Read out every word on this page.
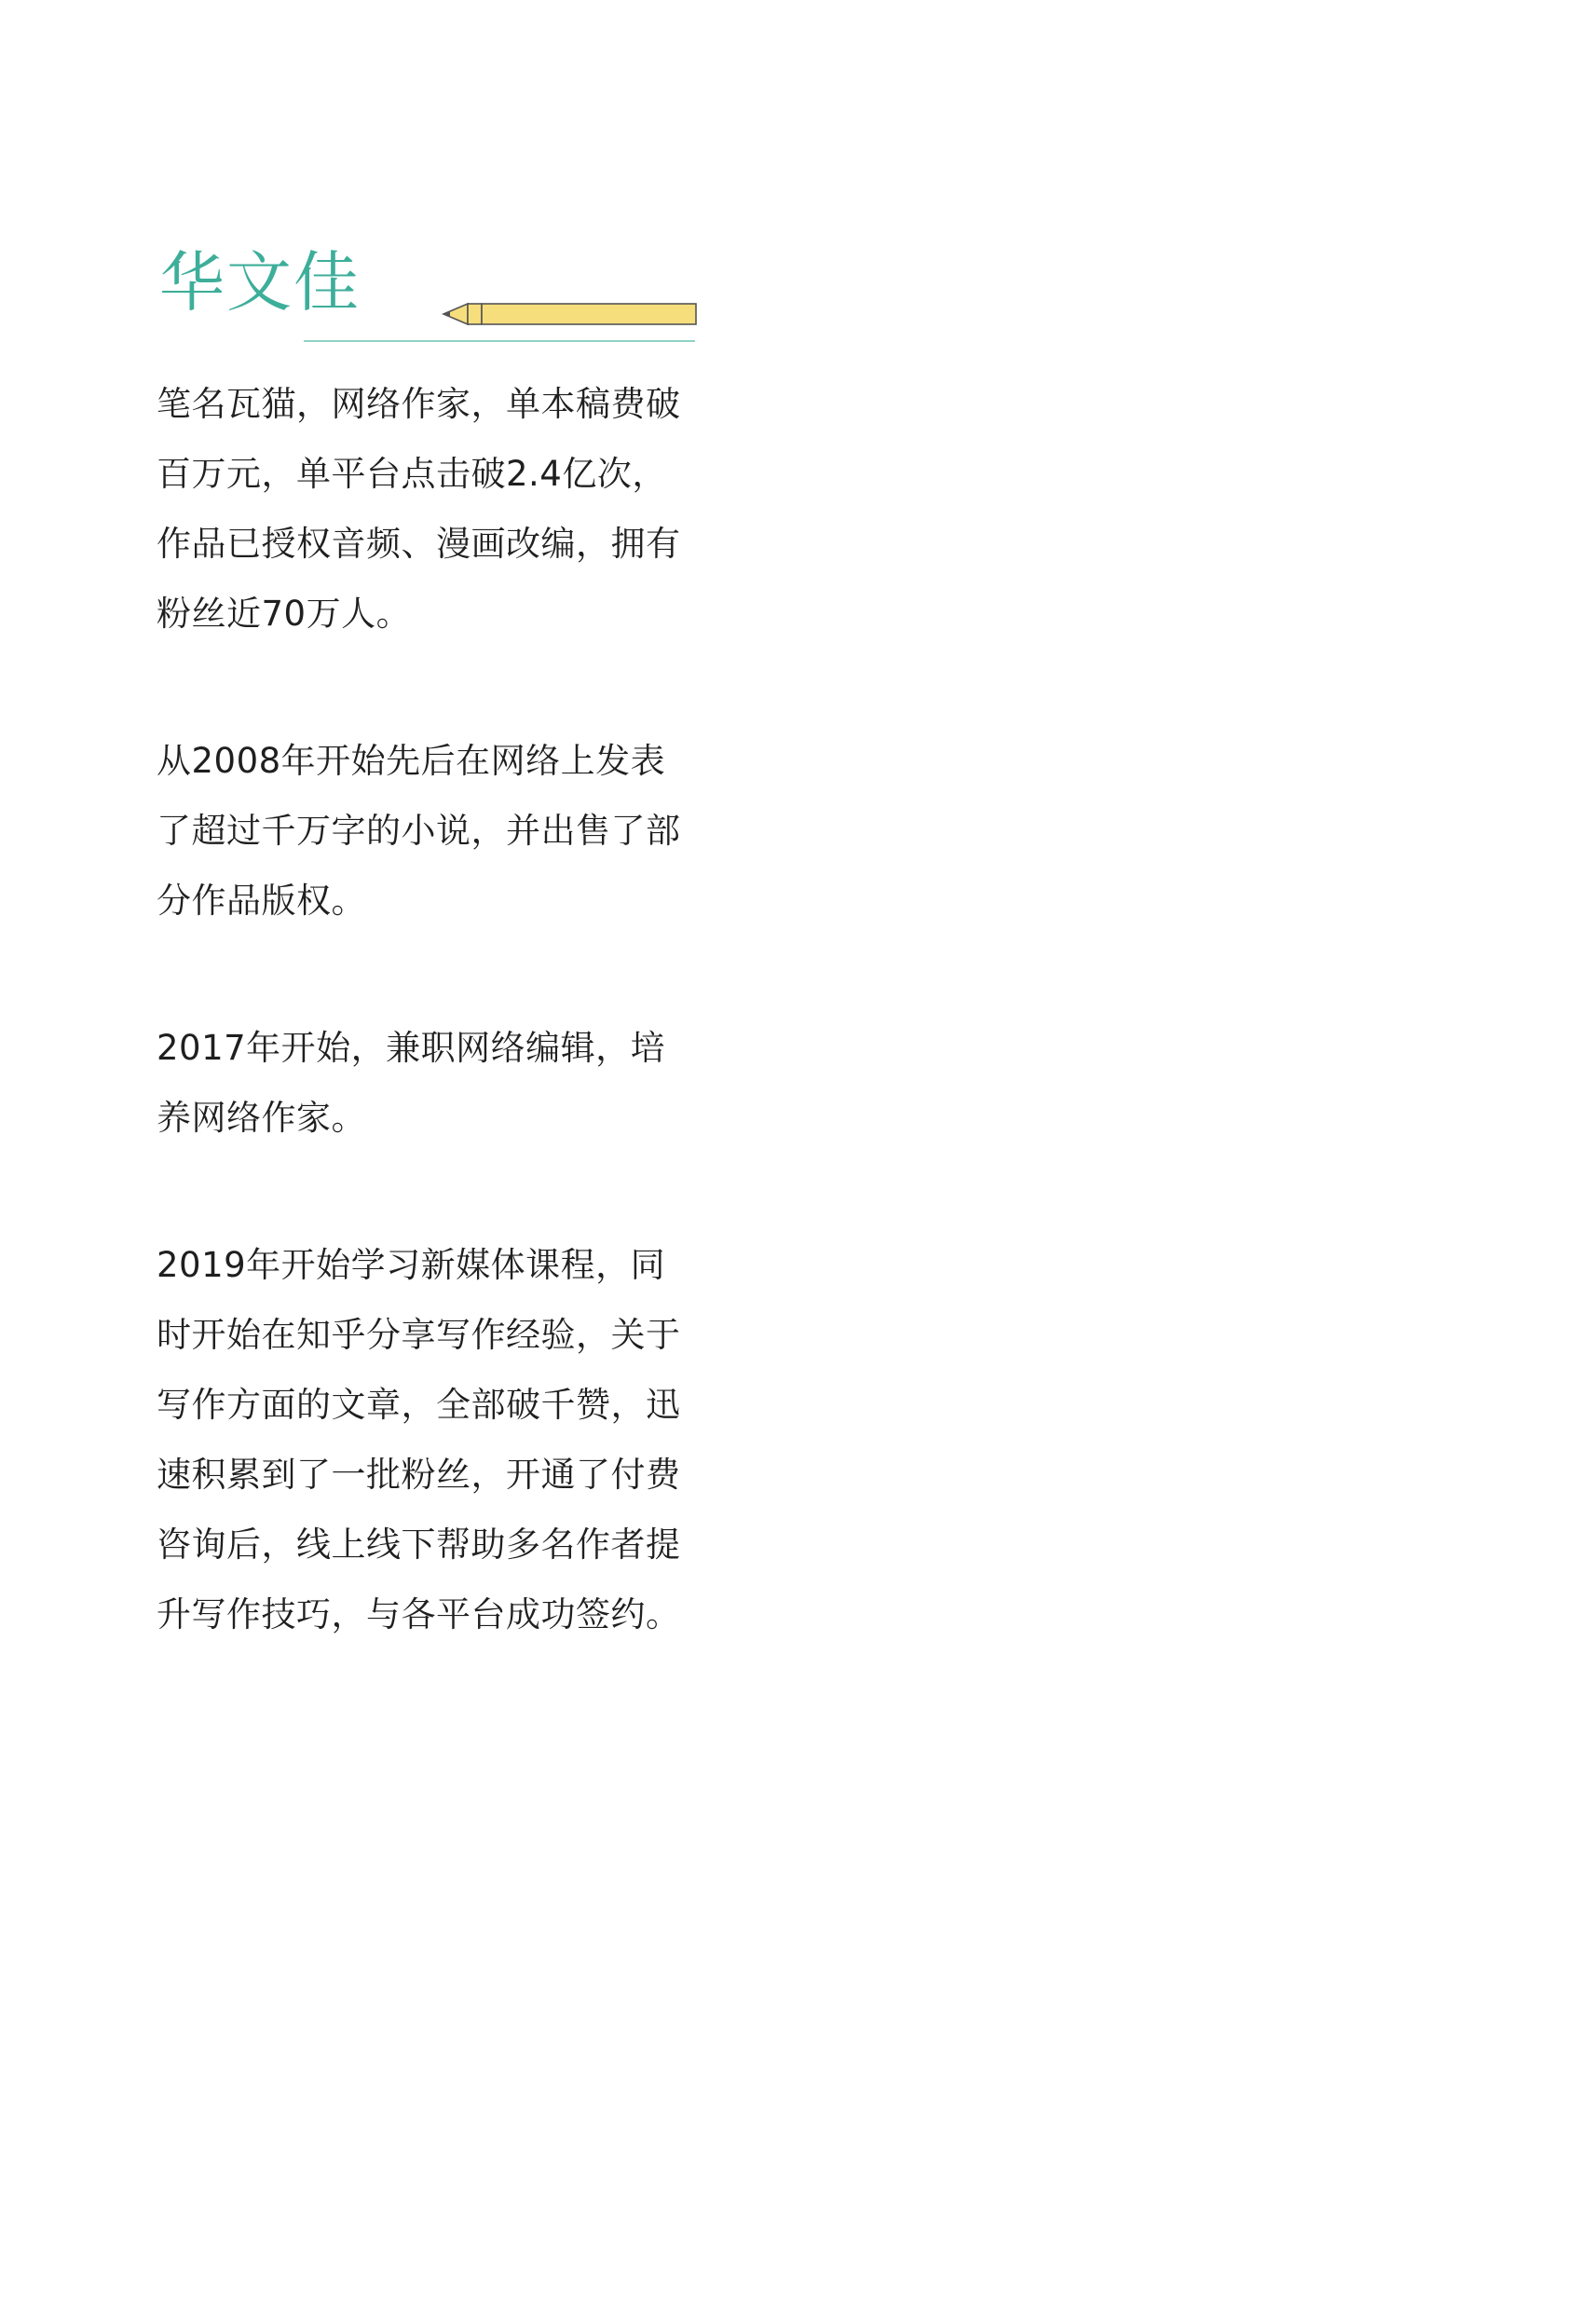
华文佳

笔名瓦猫，网络作家，单本稿费破百万元，单平台点击破2.4亿次，作品已授权音频、漫画改编，拥有粉丝近70万人。

从2008年开始先后在网络上发表了超过千万字的小说，并出售了部分作品版权。

2017年开始，兼职网络编辑，培养网络作家。

2019年开始学习新媒体课程，同时开始在知乎分享写作经验，关于写作方面的文章，全部破千赞，迅速积累到了一批粉丝，开通了付费咨询后，线上线下帮助多名作者提升写作技巧，与各平台成功签约。
